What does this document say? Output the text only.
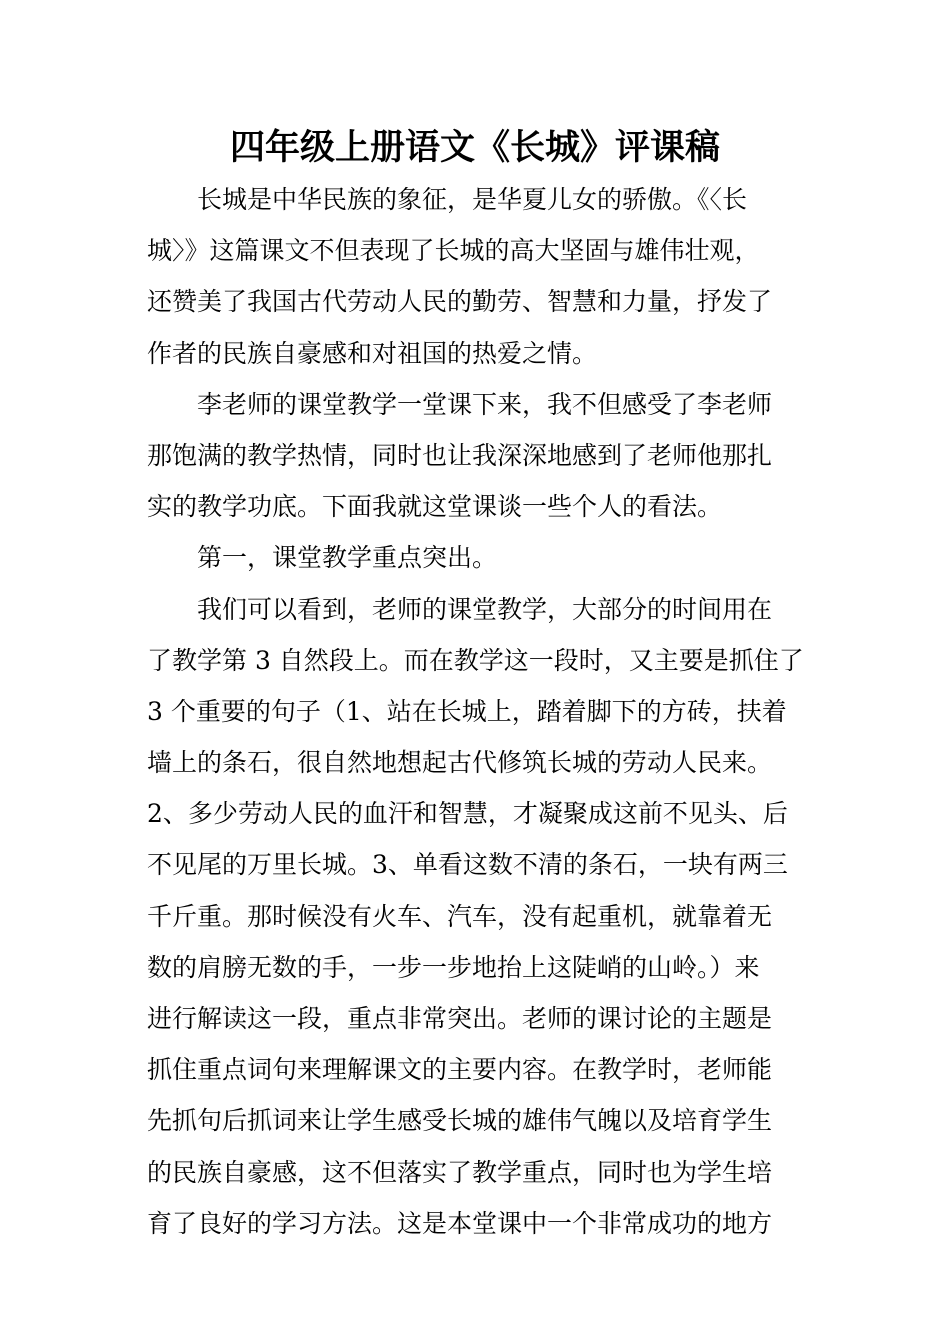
四年级上册语文《长城》评课稿
　　长城是中华民族的象征，是华夏儿女的骄傲。《〈长
城〉》这篇课文不但表现了长城的高大坚固与雄伟壮观，
还赞美了我国古代劳动人民的勤劳、智慧和力量，抒发了
作者的民族自豪感和对祖国的热爱之情。
　　李老师的课堂教学一堂课下来，我不但感受了李老师
那饱满的教学热情，同时也让我深深地感到了老师他那扎
实的教学功底。下面我就这堂课谈一些个人的看法。
　　第一，课堂教学重点突出。
　　我们可以看到，老师的课堂教学，大部分的时间用在
了教学第 3 自然段上。而在教学这一段时，又主要是抓住了
3 个重要的句子（1、站在长城上，踏着脚下的方砖，扶着
墙上的条石，很自然地想起古代修筑长城的劳动人民来。
2、多少劳动人民的血汗和智慧，才凝聚成这前不见头、后
不见尾的万里长城。3、单看这数不清的条石，一块有两三
千斤重。那时候没有火车、汽车，没有起重机，就靠着无
数的肩膀无数的手，一步一步地抬上这陡峭的山岭。）来
进行解读这一段，重点非常突出。老师的课讨论的主题是
抓住重点词句来理解课文的主要内容。在教学时，老师能
先抓句后抓词来让学生感受长城的雄伟气魄以及培育学生
的民族自豪感，这不但落实了教学重点，同时也为学生培
育了良好的学习方法。这是本堂课中一个非常成功的地方
